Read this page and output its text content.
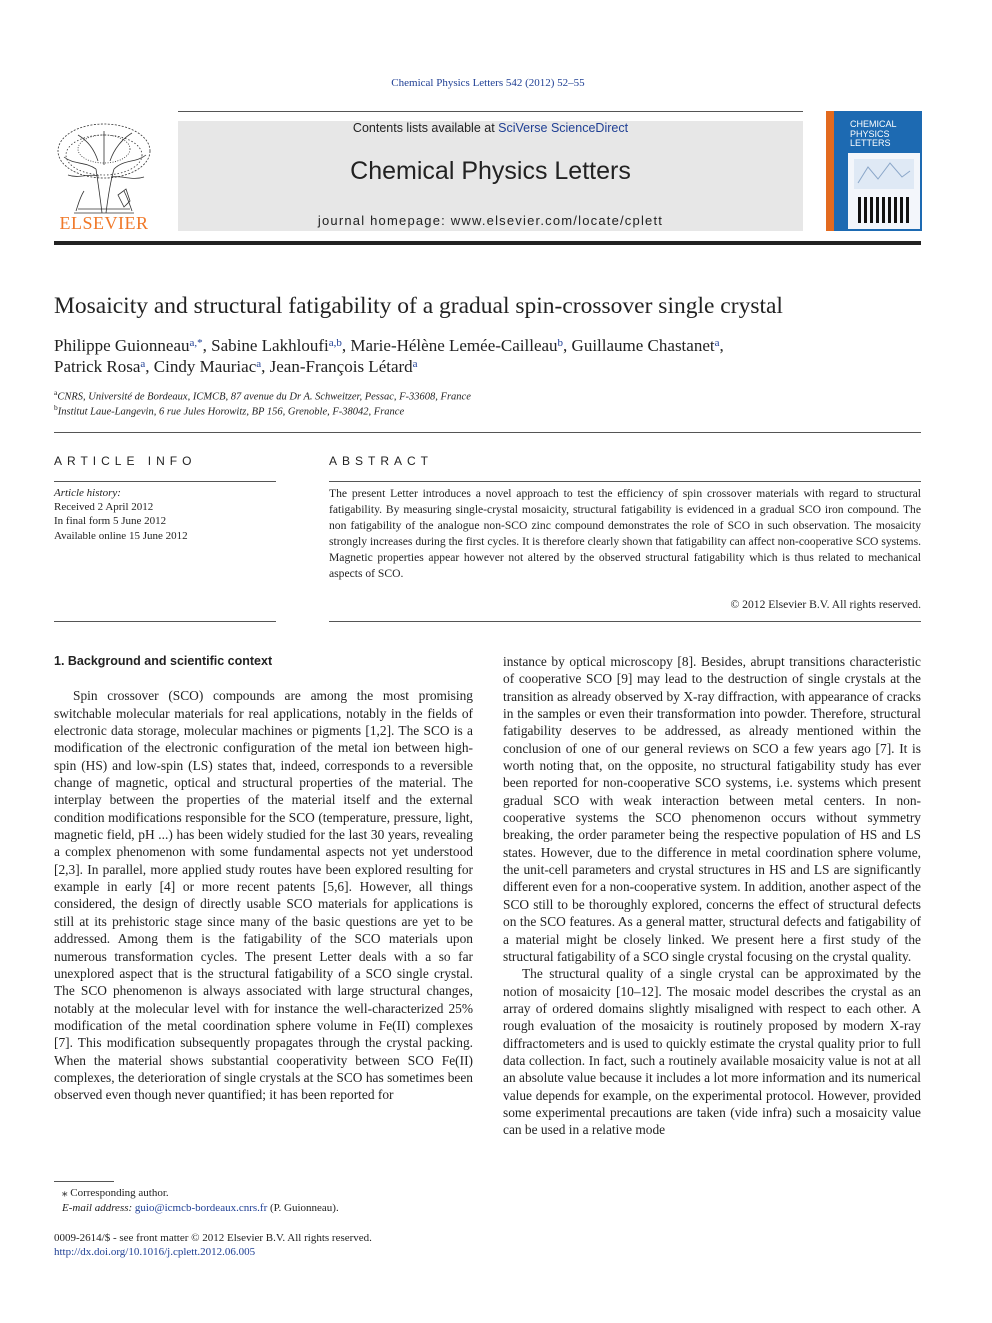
Chemical Physics Letters 542 (2012) 52–55
ELSEVIER
Contents lists available at SciVerse ScienceDirect
Chemical Physics Letters
journal homepage: www.elsevier.com/locate/cplett
CHEMICAL
PHYSICS
LETTERS
Mosaicity and structural fatigability of a gradual spin-crossover single crystal
Philippe Guionneau$^{a,*}$, Sabine Lakhloufi$^{a,b}$, Marie-Hélène Lemée-Cailleau$^b$, Guillaume Chastanet$^a$,
Patrick Rosa$^a$, Cindy Mauriac$^a$, Jean-François Létard$^a$
$^a$CNRS, Université de Bordeaux, ICMCB, 87 avenue du Dr A. Schweitzer, Pessac, F-33608, France
$^b$Institut Laue-Langevin, 6 rue Jules Horowitz, BP 156, Grenoble, F-38042, France
ARTICLE INFO	ABSTRACT
Article history:
Received 2 April 2012
In final form 5 June 2012
Available online 15 June 2012
The present Letter introduces a novel approach to test the efficiency of spin crossover materials with regard to structural fatigability. By measuring single-crystal mosaicity, structural fatigability is evidenced in a gradual SCO iron compound. The non fatigability of the analogue non-SCO zinc compound demonstrates the role of SCO in such observation. The mosaicity strongly increases during the first cycles. It is therefore clearly shown that fatigability can affect non-cooperative SCO systems. Magnetic properties appear however not altered by the observed structural fatigability which is thus related to mechanical aspects of SCO.
© 2012 Elsevier B.V. All rights reserved.
1. Background and scientific context
Spin crossover (SCO) compounds are among the most promising switchable molecular materials for real applications, notably in the fields of electronic data storage, molecular machines or pigments [1,2]. The SCO is a modification of the electronic configuration of the metal ion between high-spin (HS) and low-spin (LS) states that, indeed, corresponds to a reversible change of magnetic, optical and structural properties of the material. The interplay between the properties of the material itself and the external condition modifications responsible for the SCO (temperature, pressure, light, magnetic field, pH ...) has been widely studied for the last 30 years, revealing a complex phenomenon with some fundamental aspects not yet understood [2,3]. In parallel, more applied study routes have been explored resulting for example in early [4] or more recent patents [5,6]. However, all things considered, the design of directly usable SCO materials for applications is still at its prehistoric stage since many of the basic questions are yet to be addressed. Among them is the fatigability of the SCO materials upon numerous transformation cycles. The present Letter deals with a so far unexplored aspect that is the structural fatigability of a SCO single crystal. The SCO phenomenon is always associated with large structural changes, notably at the molecular level with for instance the well-characterized 25% modification of the metal coordination sphere volume in Fe(II) complexes [7]. This modification subsequently propagates through the crystal packing. When the material shows substantial cooperativity between SCO Fe(II) complexes, the deterioration of single crystals at the SCO has sometimes been observed even though never quantified; it has been reported for
instance by optical microscopy [8]. Besides, abrupt transitions characteristic of cooperative SCO [9] may lead to the destruction of single crystals at the transition as already observed by X-ray diffraction, with appearance of cracks in the samples or even their transformation into powder. Therefore, structural fatigability deserves to be addressed, as already mentioned within the conclusion of one of our general reviews on SCO a few years ago [7]. It is worth noting that, on the opposite, no structural fatigability study has ever been reported for non-cooperative SCO systems, i.e. systems which present gradual SCO with weak interaction between metal centers. In non-cooperative systems the SCO phenomenon occurs without symmetry breaking, the order parameter being the respective population of HS and LS states. However, due to the difference in metal coordination sphere volume, the unit-cell parameters and crystal structures in HS and LS are significantly different even for a non-cooperative system. In addition, another aspect of the SCO still to be thoroughly explored, concerns the effect of structural defects on the SCO features. As a general matter, structural defects and fatigability of a material might be closely linked. We present here a first study of the structural fatigability of a SCO single crystal focusing on the crystal quality.
The structural quality of a single crystal can be approximated by the notion of mosaicity [10–12]. The mosaic model describes the crystal as an array of ordered domains slightly misaligned with respect to each other. A rough evaluation of the mosaicity is routinely proposed by modern X-ray diffractometers and is used to quickly estimate the crystal quality prior to full data collection. In fact, such a routinely available mosaicity value is not at all an absolute value because it includes a lot more information and its numerical value depends for example, on the experimental protocol. However, provided some experimental precautions are taken (vide infra) such a mosaicity value can be used in a relative mode
⁎ Corresponding author.
E-mail address: guio@icmcb-bordeaux.cnrs.fr (P. Guionneau).
0009-2614/$ - see front matter © 2012 Elsevier B.V. All rights reserved.
http://dx.doi.org/10.1016/j.cplett.2012.06.005
